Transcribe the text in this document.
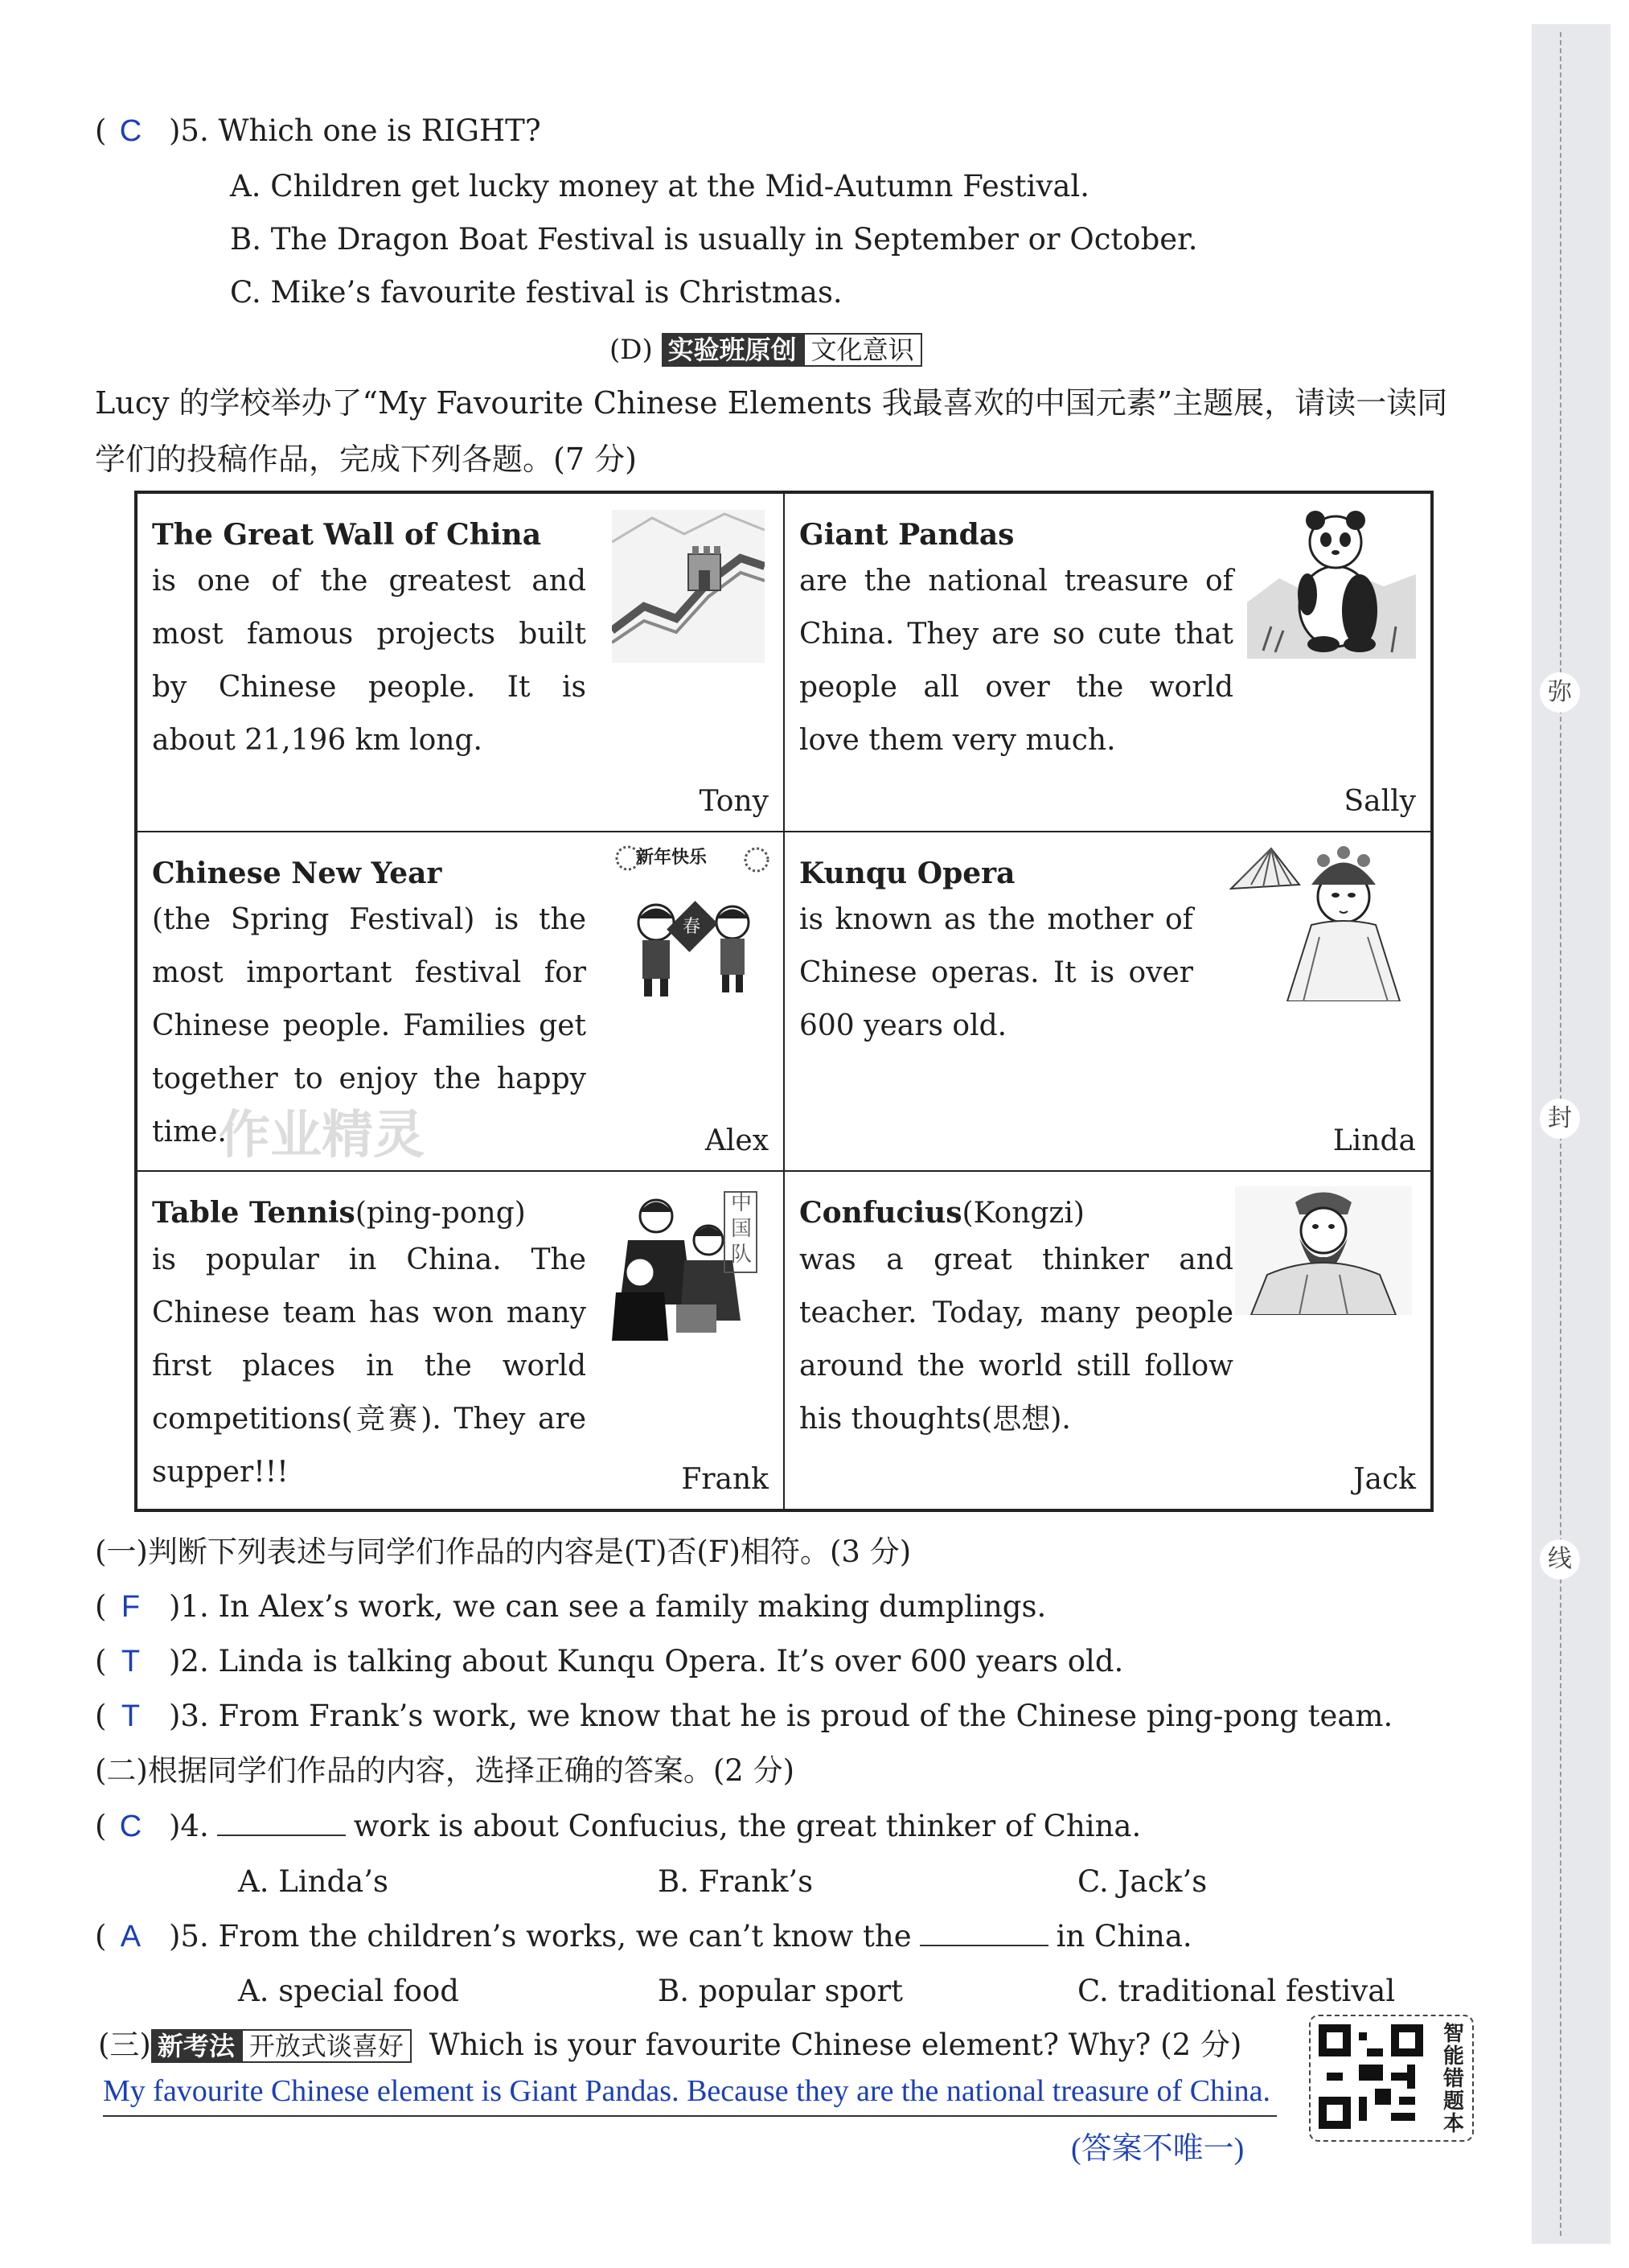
弥
封
线
( C )5. Which one is RIGHT?
A. Children get lucky money at the Mid-Autumn Festival.
B. The Dragon Boat Festival is usually in September or October.
C. Mike’s favourite festival is Christmas.
(D) 实验班原创 文化意识
Lucy 的学校举办了“My Favourite Chinese Elements 我最喜欢的中国元素”主题展，请读一读同学们的投稿作品，完成下列各题。(7 分)
The Great Wall of China
is one of the greatest and most famous projects built by Chinese people. It is about 21,196 km long.
Tony
Giant Pandas
are the national treasure of China. They are so cute that people all over the world love them very much.
Sally
Chinese New Year
(the Spring Festival) is the most important festival for Chinese people. Families get together to enjoy the happy time.	Alex
新年快乐
春
Kunqu Opera
is known as the mother of Chinese operas. It is over 600 years old.
Linda
Table Tennis(ping-pong)
is popular in China. The Chinese team has won many first places in the world competitions(竞赛). They are supper!!!	Frank
中国队
Confucius(Kongzi)
was a great thinker and teacher. Today, many people around the world still follow his thoughts(思想).
Jack
作业精灵
(一)判断下列表述与同学们作品的内容是(T)否(F)相符。(3 分)
( F )1. In Alex’s work, we can see a family making dumplings.
( T )2. Linda is talking about Kunqu Opera. It’s over 600 years old.
( T )3. From Frank’s work, we know that he is proud of the Chinese ping-pong team.
(二)根据同学们作品的内容，选择正确的答案。(2 分)
( C )4.	work is about Confucius, the great thinker of China.
A. Linda’s	B. Frank’s	C. Jack’s
( A )5. From the children’s works, we can’t know the	in China.
A. special food	B. popular sport	C. traditional festival
(三) 新考法 开放式谈喜好 Which is your favourite Chinese element? Why? (2 分)
My favourite Chinese element is Giant Pandas. Because they are the national treasure of China.
(答案不唯一)
智能错题本
